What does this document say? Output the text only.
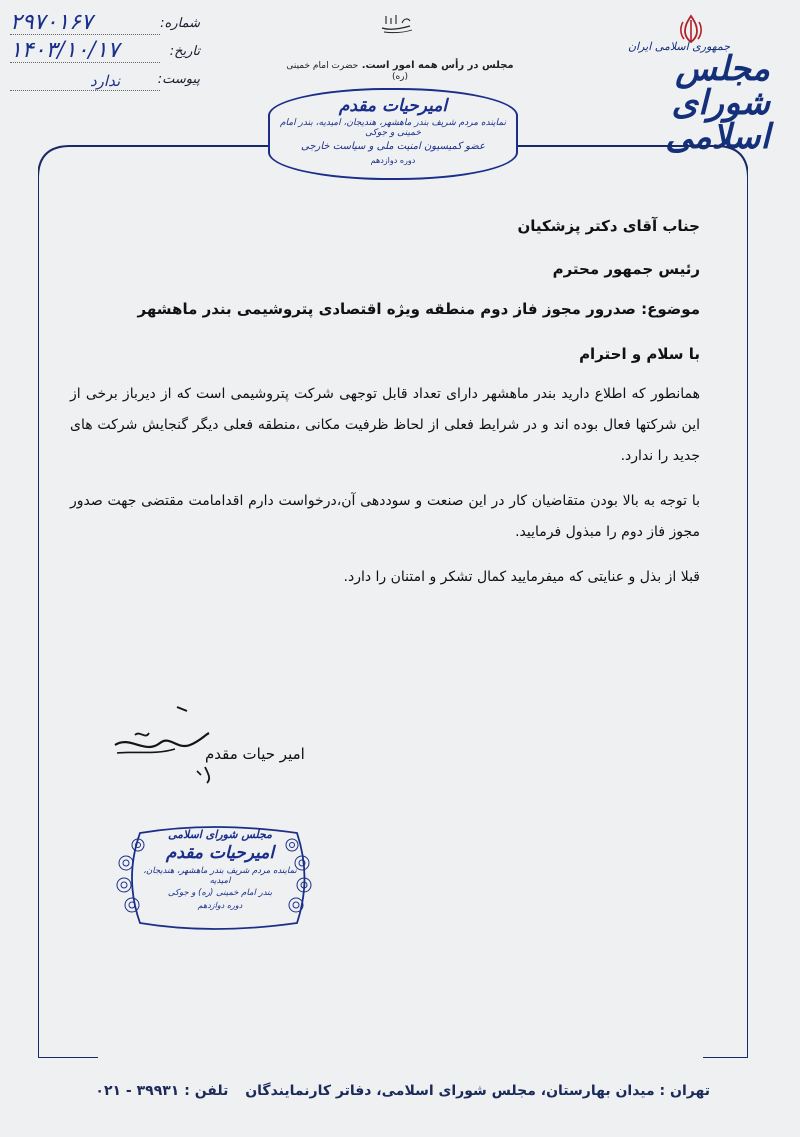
جمهوری اسلامی ایران
مجلس شورای اسلامی
مجلس در رأس همه امور است. حضرت امام خمینی (ره)
شماره:
۲۹۷۰۱۶۷
تاریخ:
۱۴۰۳/۱۰/۱۷
پیوست:
ندارد
امیرحیات مقدم
نماینده مردم شریف بندر ماهشهر، هندیجان، امیدیه، بندر امام خمینی و جوکی
عضو کمیسیون امنیت ملی و سیاست خارجی
دوره دوازدهم
جناب آقای دکتر پزشکیان
رئیس جمهور محترم
موضوع: صدرور مجوز فاز دوم منطقه ویژه اقتصادی پتروشیمی بندر ماهشهر
با سلام و احترام

همانطور که اطلاع دارید بندر ماهشهر دارای تعداد قابل توجهی شرکت پتروشیمی است که از دیرباز برخی از این شرکتها فعال بوده اند و در شرایط فعلی از لحاظ ظرفیت مکانی ،منطقه فعلی دیگر گنجایش شرکت های جدید را ندارد.

با توجه به بالا بودن متقاضیان کار در این صنعت و سوددهی آن،درخواست دارم اقدامامت مقتضی جهت صدور مجوز فاز دوم را مبذول فرمایید.

قبلا از بذل و عنایتی که میفرمایید کمال تشکر و امتنان را دارد.

امیر حیات مقدم
مجلس شورای اسلامی
امیرحیات مقدم
نماینده مردم شریف بندر ماهشهر، هندیجان، امیدیه
بندر امام خمینی (ره) و جوکی
دوره دوازدهم
تهران : میدان بهارستان، مجلس شورای اسلامی، دفاتر کارنمایندگان تلفن : ۰۲۱ - ۳۹۹۳۱
